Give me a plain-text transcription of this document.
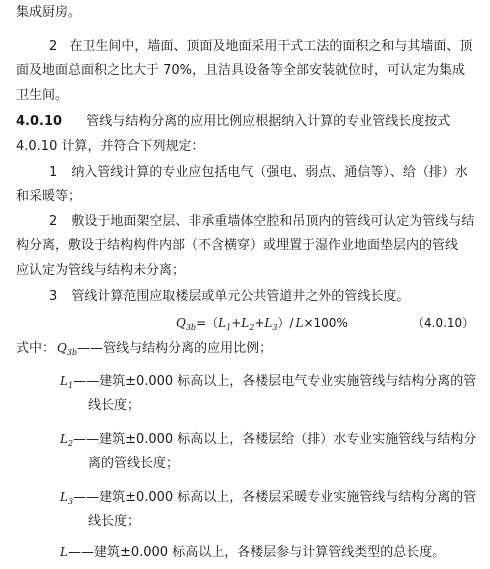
集成厨房。
2 在卫生间中，墙面、顶面及地面采用干式工法的面积之和与其墙面、顶
面及地面总面积之比大于 70%，且洁具设备等全部安装就位时，可认定为集成
卫生间。
4.0.10 管线与结构分离的应用比例应根据纳入计算的专业管线长度按式
4.0.10 计算，并符合下列规定：
1 纳入管线计算的专业应包括电气（强电、弱点、通信等）、给（排）水
和采暖等；
2 敷设于地面架空层、非承重墙体空腔和吊顶内的管线可认定为管线与结
构分离，敷设于结构构件内部（不含横穿）或埋置于湿作业地面垫层内的管线
应认定为管线与结构未分离；
3 管线计算范围应取楼层或单元公共管道井之外的管线长度。
$Q_{3b}=(L_1+L_2+L_3)/$ L×100%	（4.0.10）
式中： $Q_{3b}——$管线与结构分离的应用比例；
$L_1——$建筑±0.000 标高以上，各楼层电气专业实施管线与结构分离的管
线长度；
$L_2——$建筑±0.000 标高以上，各楼层给（排）水专业实施管线与结构分
离的管线长度；
$L_3——$建筑±0.000 标高以上，各楼层采暖专业实施管线与结构分离的管
线长度；
L——建筑±0.000 标高以上，各楼层参与计算管线类型的总长度。
